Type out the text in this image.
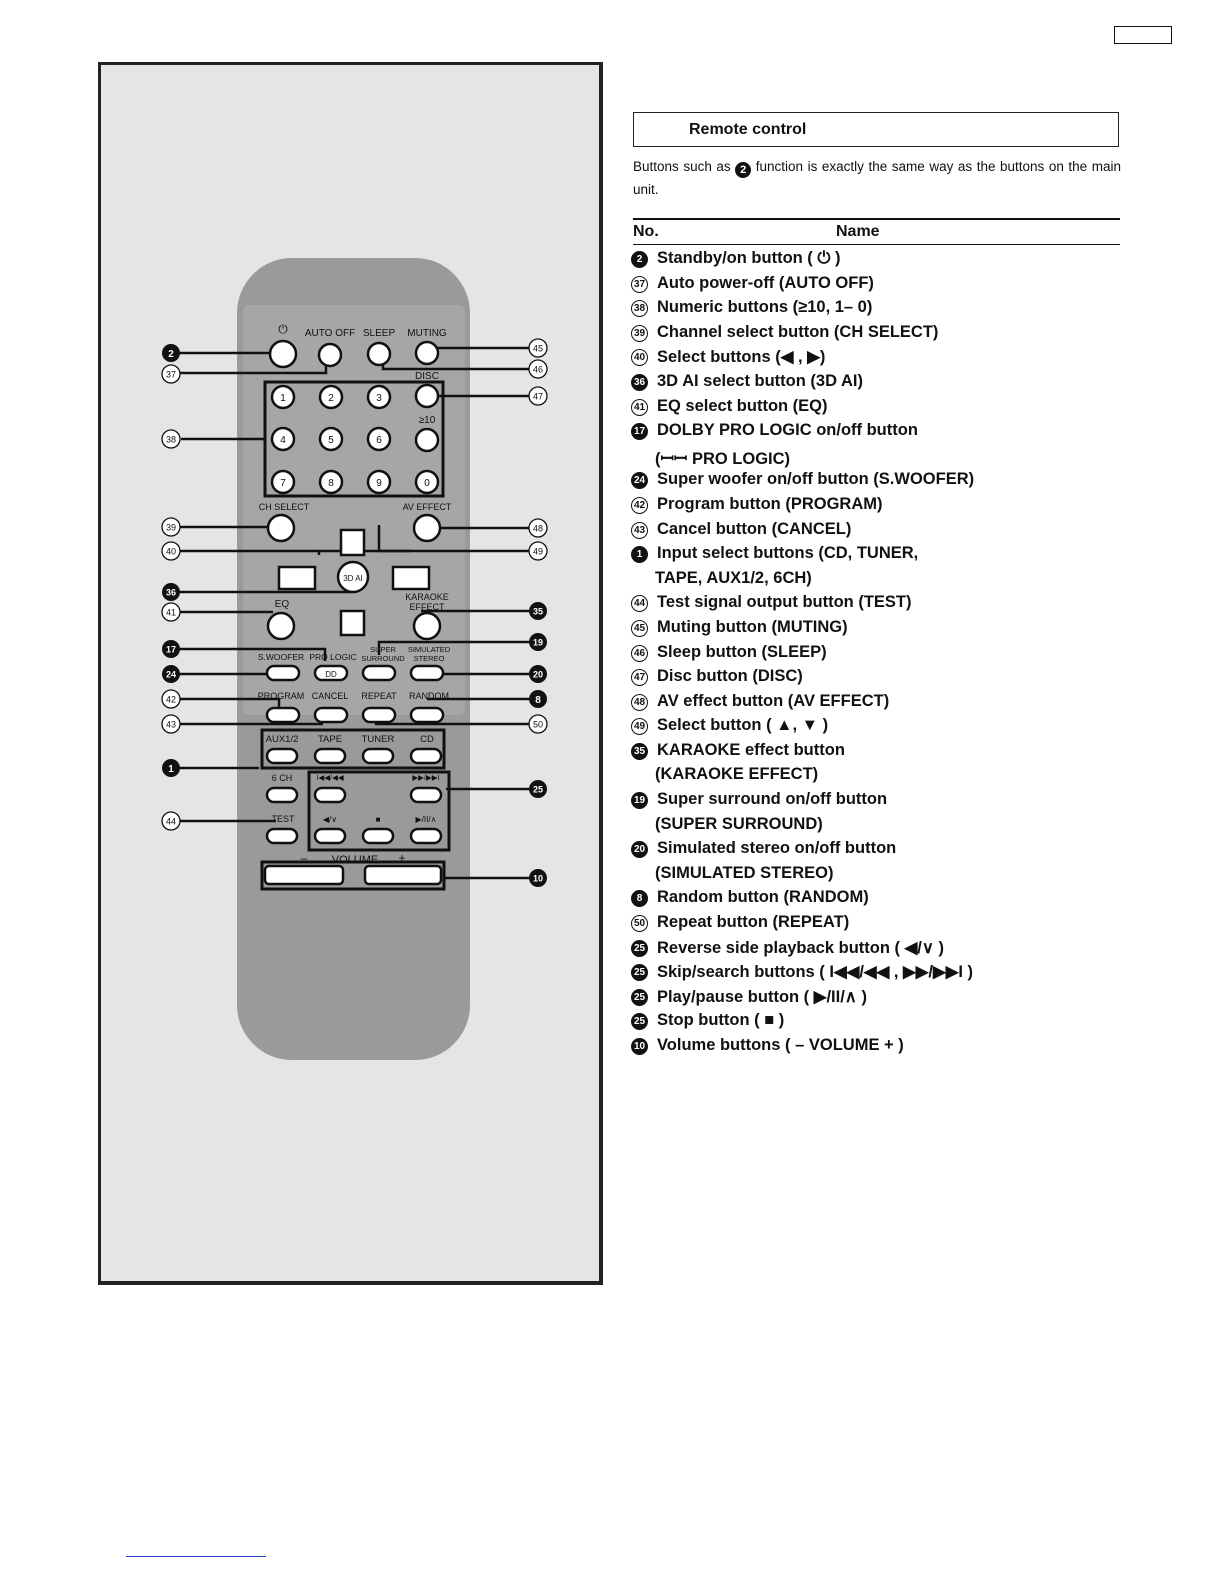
⏻ AUTO OFF SLEEP MUTING
DISC
≥10
1	2	3
4	5	6
7	8	9	0
CH SELECT	AV EFFECT
3D AI
EQ
KARAOKE
EFFECT
S.WOOFER PRO LOGIC
DD
SUPER
SURROUND
SIMULATED
STEREO
PROGRAM CANCEL REPEAT RANDOM
AUX1/2 TAPE TUNER	CD
6 CH	I◀◀/◀◀	▶▶/▶▶I
TEST	◀/∨	■	▶/II/∧
VOLUME
–	+
2
37
38
39
40
36
41
17
24
42
43
1
44
45
46
47
48
49
35
19
20
8
50
25
10
Remote control
Buttons such as 2 function is exactly the same way as the buttons on the main unit.
No.	Name
2 Standby/on button ( ⏻ )
37 Auto power-off (AUTO OFF)
38 Numeric buttons (≥10, 1– 0)
39 Channel select button (CH SELECT)
40 Select buttons (◀ , ▶)
36 3D AI select button (3D AI)
41 EQ select button (EQ)
17 DOLBY PRO LOGIC on/off button
(ꟷꟷ PRO LOGIC)
24 Super woofer on/off button (S.WOOFER)
42 Program button (PROGRAM)
43 Cancel button (CANCEL)
1 Input select buttons (CD, TUNER,
TAPE, AUX1/2, 6CH)
44 Test signal output button (TEST)
45 Muting button (MUTING)
46 Sleep button (SLEEP)
47 Disc button (DISC)
48 AV effect button (AV EFFECT)
49 Select button ( ▲, ▼ )
35 KARAOKE effect button
(KARAOKE EFFECT)
19 Super surround on/off button
(SUPER SURROUND)
20 Simulated stereo on/off button
(SIMULATED STEREO)
8 Random button (RANDOM)
50 Repeat button (REPEAT)
25 Reverse side playback button ( ◀/∨ )
25 Skip/search buttons ( I◀◀/◀◀ , ▶▶/▶▶I )
25 Play/pause button ( ▶/II/∧ )
25 Stop button ( ■ )
10 Volume buttons ( – VOLUME + )
